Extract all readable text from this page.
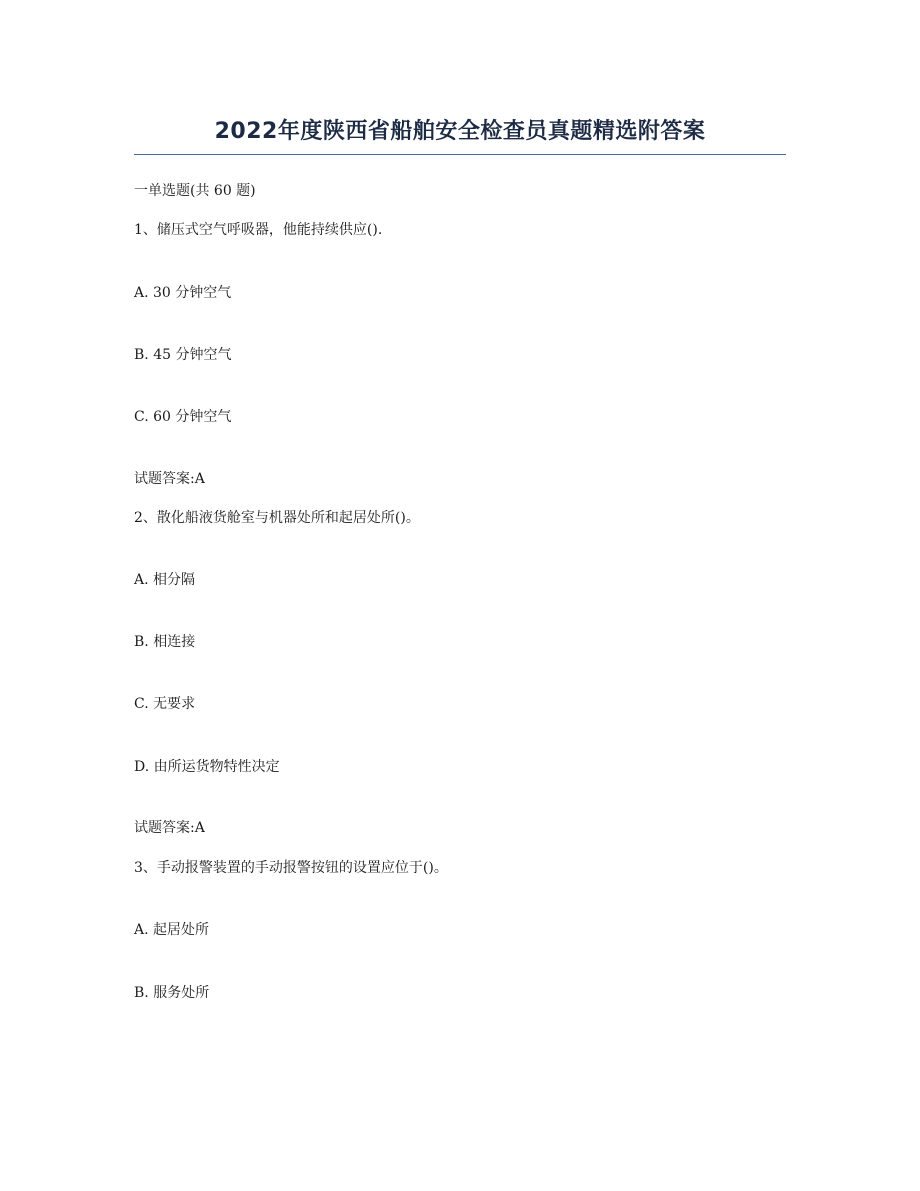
2022年度陕西省船舶安全检查员真题精选附答案
一单选题(共 60 题)
1、储压式空气呼吸器，他能持续供应().
A. 30 分钟空气
B. 45 分钟空气
C. 60 分钟空气
试题答案:A
2、散化船液货舱室与机器处所和起居处所()。
A. 相分隔
B. 相连接
C. 无要求
D. 由所运货物特性决定
试题答案:A
3、手动报警装置的手动报警按钮的设置应位于()。
A. 起居处所
B. 服务处所
